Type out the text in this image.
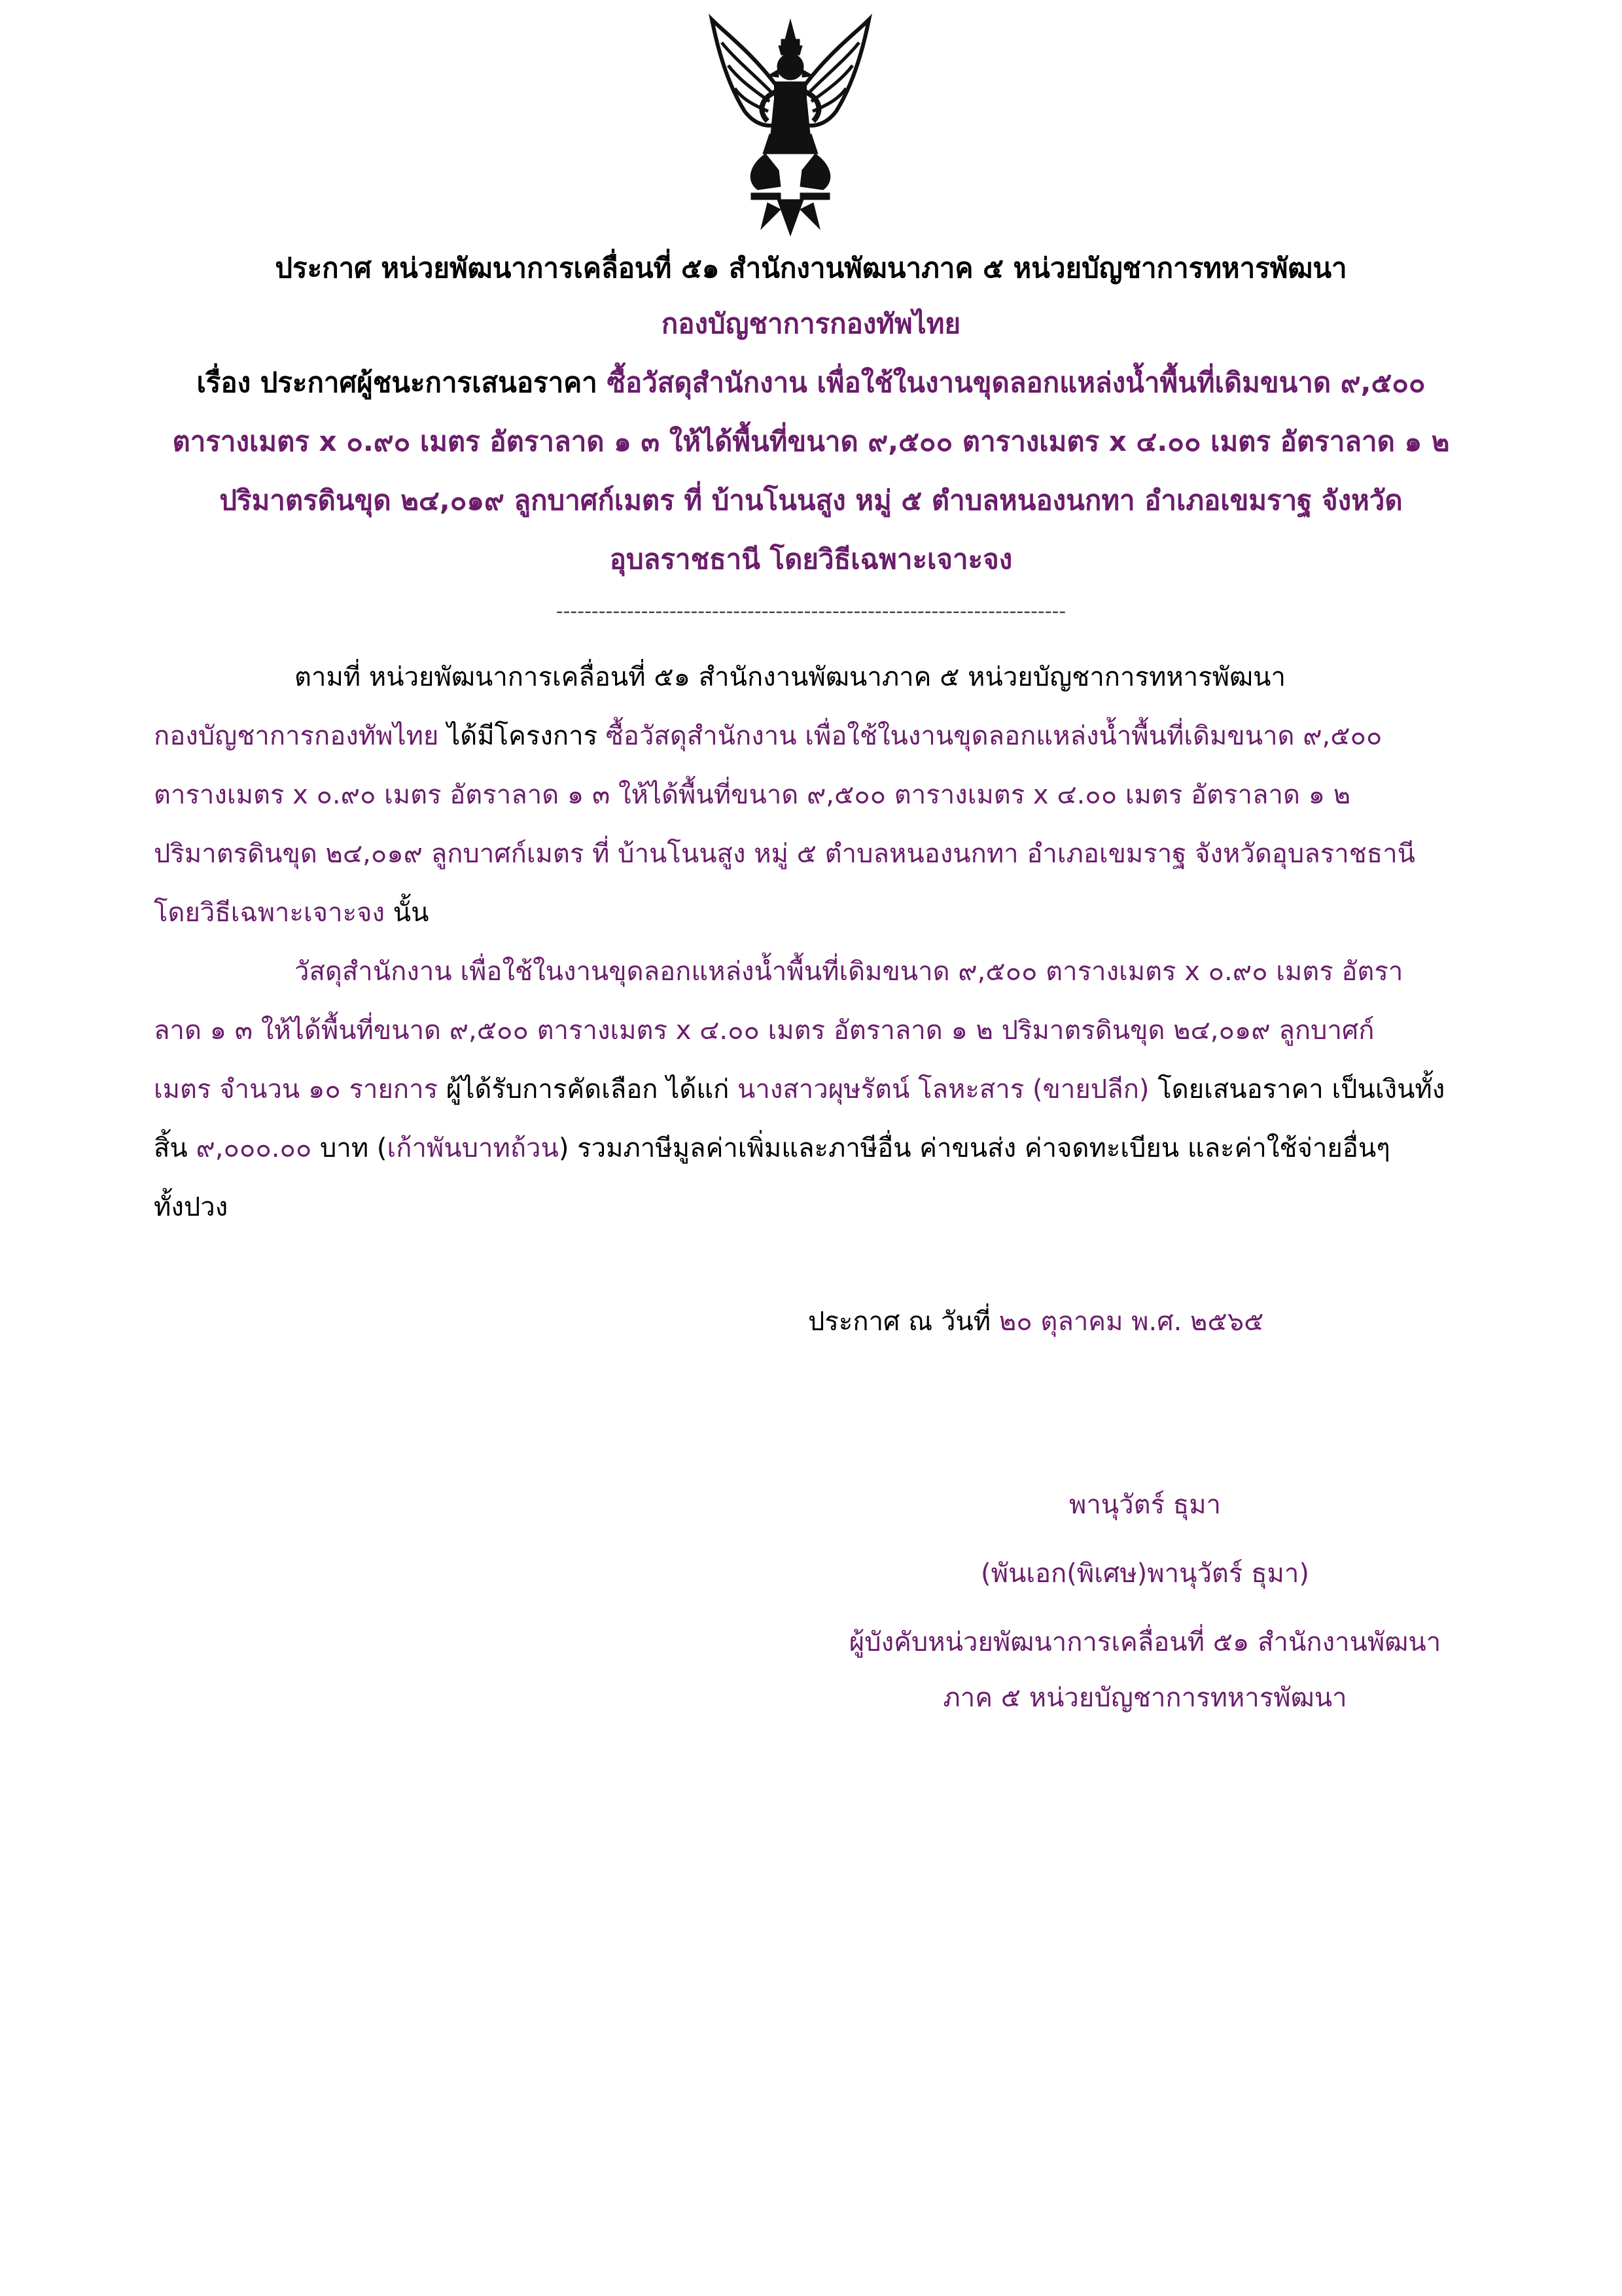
ประกาศ หน่วยพัฒนาการเคลื่อนที่ ๕๑ สำนักงานพัฒนาภาค ๕ หน่วยบัญชาการทหารพัฒนา
กองบัญชาการกองทัพไทย
เรื่อง ประกาศผู้ชนะการเสนอราคา ซื้อวัสดุสำนักงาน เพื่อใช้ในงานขุดลอกแหล่งน้ำพื้นที่เดิมขนาด ๙,๕๐๐
ตารางเมตร x ๐.๙๐ เมตร อัตราลาด ๑ ๓ ให้ได้พื้นที่ขนาด ๙,๕๐๐ ตารางเมตร x ๔.๐๐ เมตร อัตราลาด ๑ ๒
ปริมาตรดินขุด ๒๔,๐๑๙ ลูกบาศก์เมตร ที่ บ้านโนนสูง หมู่ ๕ ตำบลหนองนกทา อำเภอเขมราฐ จังหวัด
อุบลราชธานี โดยวิธีเฉพาะเจาะจง
------------------------------------------------------------------------
ตามที่ หน่วยพัฒนาการเคลื่อนที่ ๕๑ สำนักงานพัฒนาภาค ๕ หน่วยบัญชาการทหารพัฒนา
กองบัญชาการกองทัพไทย ได้มีโครงการ ซื้อวัสดุสำนักงาน เพื่อใช้ในงานขุดลอกแหล่งน้ำพื้นที่เดิมขนาด ๙,๕๐๐
ตารางเมตร x ๐.๙๐ เมตร อัตราลาด ๑ ๓ ให้ได้พื้นที่ขนาด ๙,๕๐๐ ตารางเมตร x ๔.๐๐ เมตร อัตราลาด ๑ ๒
ปริมาตรดินขุด ๒๔,๐๑๙ ลูกบาศก์เมตร ที่ บ้านโนนสูง หมู่ ๕ ตำบลหนองนกทา อำเภอเขมราฐ จังหวัดอุบลราชธานี
โดยวิธีเฉพาะเจาะจง นั้น
วัสดุสำนักงาน เพื่อใช้ในงานขุดลอกแหล่งน้ำพื้นที่เดิมขนาด ๙,๕๐๐ ตารางเมตร x ๐.๙๐ เมตร อัตรา
ลาด ๑ ๓ ให้ได้พื้นที่ขนาด ๙,๕๐๐ ตารางเมตร x ๔.๐๐ เมตร อัตราลาด ๑ ๒ ปริมาตรดินขุด ๒๔,๐๑๙ ลูกบาศก์
เมตร จำนวน ๑๐ รายการ ผู้ได้รับการคัดเลือก ได้แก่ นางสาวผุษรัตน์ โลหะสาร (ขายปลีก) โดยเสนอราคา เป็นเงินทั้ง
สิ้น ๙,๐๐๐.๐๐ บาท (เก้าพันบาทถ้วน) รวมภาษีมูลค่าเพิ่มและภาษีอื่น ค่าขนส่ง ค่าจดทะเบียน และค่าใช้จ่ายอื่นๆ
ทั้งปวง
ประกาศ ณ วันที่ ๒๐ ตุลาคม พ.ศ. ๒๕๖๕
พานุวัตร์ ธุมา
(พันเอก(พิเศษ)พานุวัตร์ ธุมา)
ผู้บังคับหน่วยพัฒนาการเคลื่อนที่ ๕๑ สำนักงานพัฒนา
ภาค ๕ หน่วยบัญชาการทหารพัฒนา
